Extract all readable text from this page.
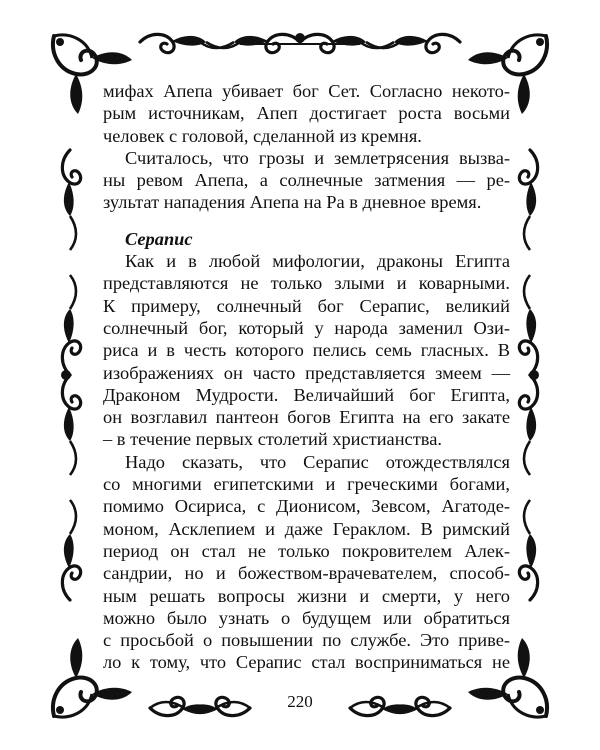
мифах Апепа убивает бог Сет. Согласно некото-
рым источникам, Апеп достигает роста восьми
человек с головой, сделанной из кремня.
Считалось, что грозы и землетрясения вызва-
ны ревом Апепа, а солнечные затмения — ре-
зультат нападения Апепа на Ра в дневное время.
Серапис
Как и в любой мифологии, драконы Египта
представляются не только злыми и коварными.
К примеру, солнечный бог Серапис, великий
солнечный бог, который у народа заменил Ози-
риса и в честь которого пелись семь гласных. В
изображениях он часто представляется змеем —
Драконом Мудрости. Величайший бог Египта,
он возглавил пантеон богов Египта на его закате
– в течение первых столетий христианства.
Надо сказать, что Серапис отождествлялся
со многими египетскими и греческими богами,
помимо Осириса, с Дионисом, Зевсом, Агатоде-
моном, Асклепием и даже Гераклом. В римский
период он стал не только покровителем Алек-
сандрии, но и божеством-врачевателем, способ-
ным решать вопросы жизни и смерти, у него
можно было узнать о будущем или обратиться
с просьбой о повышении по службе. Это приве-
ло к тому, что Серапис стал восприниматься не
220
